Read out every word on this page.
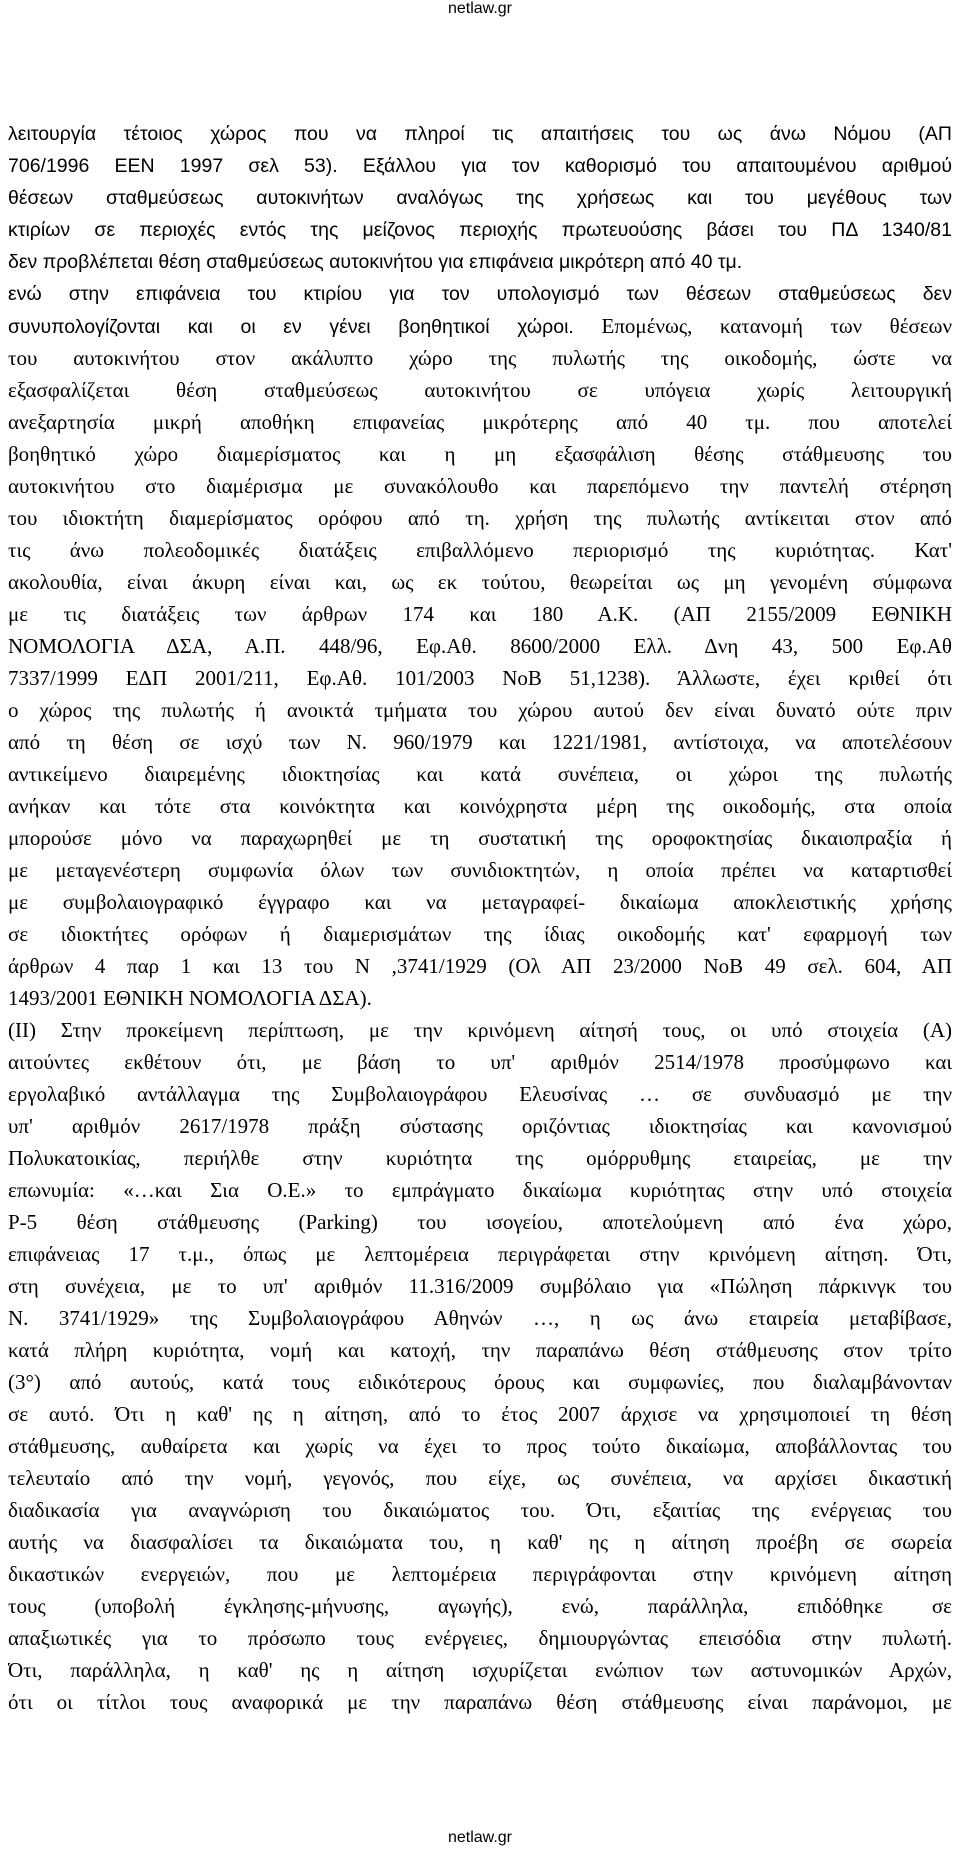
netlaw.gr
λειτουργία τέτοιος χώρος που να πληροί τις απαιτήσεις του ως άνω Νόμου (ΑΠ
706/1996 ΕΕΝ 1997 σελ 53). Εξάλλου για τον καθορισμό του απαιτουμένου αριθμού
θέσεων σταθμεύσεως αυτοκινήτων αναλόγως της χρήσεως και του μεγέθους των
κτιρίων σε περιοχές εντός της μείζονος περιοχής πρωτευούσης βάσει του ΠΔ 1340/81
δεν προβλέπεται θέση σταθμεύσεως αυτοκινήτου για επιφάνεια μικρότερη από 40 τμ.
ενώ στην επιφάνεια του κτιρίου για τον υπολογισμό των θέσεων σταθμεύσεως δεν
συνυπολογίζονται και οι εν γένει βοηθητικοί χώροι. Επομένως, κατανομή των θέσεων
του αυτοκινήτου στον ακάλυπτο χώρο της πυλωτής της οικοδομής, ώστε να
εξασφαλίζεται θέση σταθμεύσεως αυτοκινήτου σε υπόγεια χωρίς λειτουργική
ανεξαρτησία μικρή αποθήκη επιφανείας μικρότερης από 40 τμ. που αποτελεί
βοηθητικό χώρο διαμερίσματος και η μη εξασφάλιση θέσης στάθμευσης του
αυτοκινήτου στο διαμέρισμα με συνακόλουθο και παρεπόμενο την παντελή στέρηση
του ιδιοκτήτη διαμερίσματος ορόφου από τη. χρήση της πυλωτής αντίκειται στον από
τις άνω πολεοδομικές διατάξεις επιβαλλόμενο περιορισμό της κυριότητας. Κατ'
ακολουθία, είναι άκυρη είναι και, ως εκ τούτου, θεωρείται ως μη γενομένη σύμφωνα
με τις διατάξεις των άρθρων 174 και 180 Α.Κ. (ΑΠ 2155/2009 ΕΘΝΙΚΗ
ΝΟΜΟΛΟΓΙΑ ΔΣΑ, Α.Π. 448/96, Εφ.Αθ. 8600/2000 Ελλ. Δνη 43, 500 Εφ.Αθ
7337/1999 ΕΔΠ 2001/211, Εφ.Αθ. 101/2003 ΝοΒ 51,1238). Άλλωστε, έχει κριθεί ότι
ο χώρος της πυλωτής ή ανοικτά τμήματα του χώρου αυτού δεν είναι δυνατό ούτε πριν
από τη θέση σε ισχύ των Ν. 960/1979 και 1221/1981, αντίστοιχα, να αποτελέσουν
αντικείμενο διαιρεμένης ιδιοκτησίας και κατά συνέπεια, οι χώροι της πυλωτής
ανήκαν και τότε στα κοινόκτητα και κοινόχρηστα μέρη της οικοδομής, στα οποία
μπορούσε μόνο να παραχωρηθεί με τη συστατική της οροφοκτησίας δικαιοπραξία ή
με μεταγενέστερη συμφωνία όλων των συνιδιοκτητών, η οποία πρέπει να καταρτισθεί
με συμβολαιογραφικό έγγραφο και να μεταγραφεί- δικαίωμα αποκλειστικής χρήσης
σε ιδιοκτήτες ορόφων ή διαμερισμάτων της ίδιας οικοδομής κατ' εφαρμογή των
άρθρων 4 παρ 1 και 13 του Ν ,3741/1929 (Ολ ΑΠ 23/2000 ΝοΒ 49 σελ. 604, ΑΠ
1493/2001 ΕΘΝΙΚΗ ΝΟΜΟΛΟΓΙΑ ΔΣΑ).
(ΙΙ) Στην προκείμενη περίπτωση, με την κρινόμενη αίτησή τους, οι υπό στοιχεία (Α)
αιτούντες εκθέτουν ότι, με βάση το υπ' αριθμόν 2514/1978 προσύμφωνο και
εργολαβικό αντάλλαγμα της Συμβολαιογράφου Ελευσίνας … σε συνδυασμό με την
υπ' αριθμόν 2617/1978 πράξη σύστασης οριζόντιας ιδιοκτησίας και κανονισμού
Πολυκατοικίας, περιήλθε στην κυριότητα της ομόρρυθμης εταιρείας, με την
επωνυμία: «…και Σια Ο.Ε.» το εμπράγματο δικαίωμα κυριότητας στην υπό στοιχεία
Ρ-5 θέση στάθμευσης (Parking) του ισογείου, αποτελούμενη από ένα χώρο,
επιφάνειας 17 τ.μ., όπως με λεπτομέρεια περιγράφεται στην κρινόμενη αίτηση. Ότι,
στη συνέχεια, με το υπ' αριθμόν 11.316/2009 συμβόλαιο για «Πώληση πάρκινγκ του
Ν. 3741/1929» της Συμβολαιογράφου Αθηνών …, η ως άνω εταιρεία μεταβίβασε,
κατά πλήρη κυριότητα, νομή και κατοχή, την παραπάνω θέση στάθμευσης στον τρίτο
(3°) από αυτούς, κατά τους ειδικότερους όρους και συμφωνίες, που διαλαμβάνονταν
σε αυτό. Ότι η καθ' ης η αίτηση, από το έτος 2007 άρχισε να χρησιμοποιεί τη θέση
στάθμευσης, αυθαίρετα και χωρίς να έχει το προς τούτο δικαίωμα, αποβάλλοντας του
τελευταίο από την νομή, γεγονός, που είχε, ως συνέπεια, να αρχίσει δικαστική
διαδικασία για αναγνώριση του δικαιώματος του. Ότι, εξαιτίας της ενέργειας του
αυτής να διασφαλίσει τα δικαιώματα του, η καθ' ης η αίτηση προέβη σε σωρεία
δικαστικών ενεργειών, που με λεπτομέρεια περιγράφονται στην κρινόμενη αίτηση
τους (υποβολή έγκλησης-μήνυσης, αγωγής), ενώ, παράλληλα, επιδόθηκε σε
απαξιωτικές για το πρόσωπο τους ενέργειες, δημιουργώντας επεισόδια στην πυλωτή.
Ότι, παράλληλα, η καθ' ης η αίτηση ισχυρίζεται ενώπιον των αστυνομικών Αρχών,
ότι οι τίτλοι τους αναφορικά με την παραπάνω θέση στάθμευσης είναι παράνομοι, με
netlaw.gr
